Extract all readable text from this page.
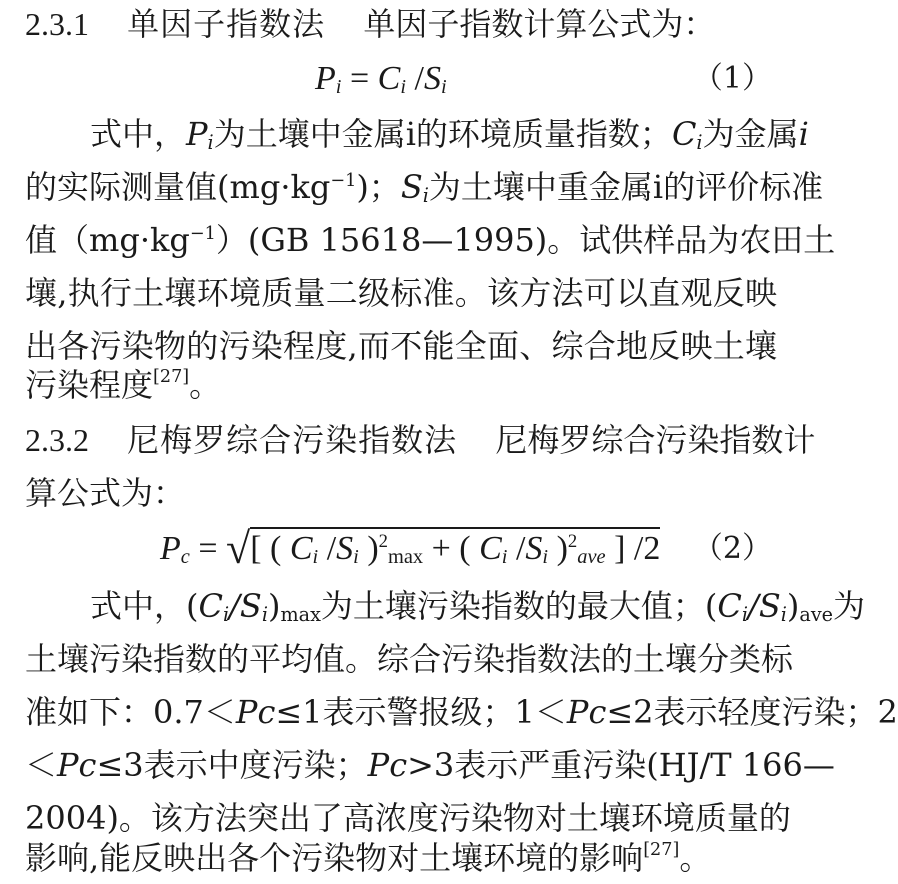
2.3.1 单因子指数法 单因子指数计算公式为：
$P_i = C_i$ $/S_i$	（1）
式中，$P_i$为土壤中金属i的环境质量指数；$C_i$为金属i
的实际测量值$(mg\cdot kg^{-1})$；$S_i$为土壤中重金属i的评价标准
值$(mg\cdot kg^{-1})(GB$ 15618—1995)。试供样品为农田土
壤,执行土壤环境质量二级标准。该方法可以直观反映
出各污染物的污染程度,而不能全面、综合地反映土壤
污染程度[27]。
2.3.2 尼梅罗综合污染指数法 尼梅罗综合污染指数计
算公式为：
$P_c$ = √[ ( $C_i$ $/S_i$ )$^2_{max}$ + ( $C_i$ $/S_i$ )$^2_{ave}$ ] /2 （2）
式中，$(C_i/S_i)_{max}$为土壤污染指数的最大值；$(C_i/S_i)_{ave}$为
土壤污染指数的平均值。综合污染指数法的土壤分类标
准如下：0.7＜Pc≤1表示警报级；1＜Pc≤2表示轻度污染；2
＜Pc≤3表示中度污染；Pc>3表示严重污染(HJ/T 166—
2004)。该方法突出了高浓度污染物对土壤环境质量的
影响,能反映出各个污染物对土壤环境的影响[27]。
